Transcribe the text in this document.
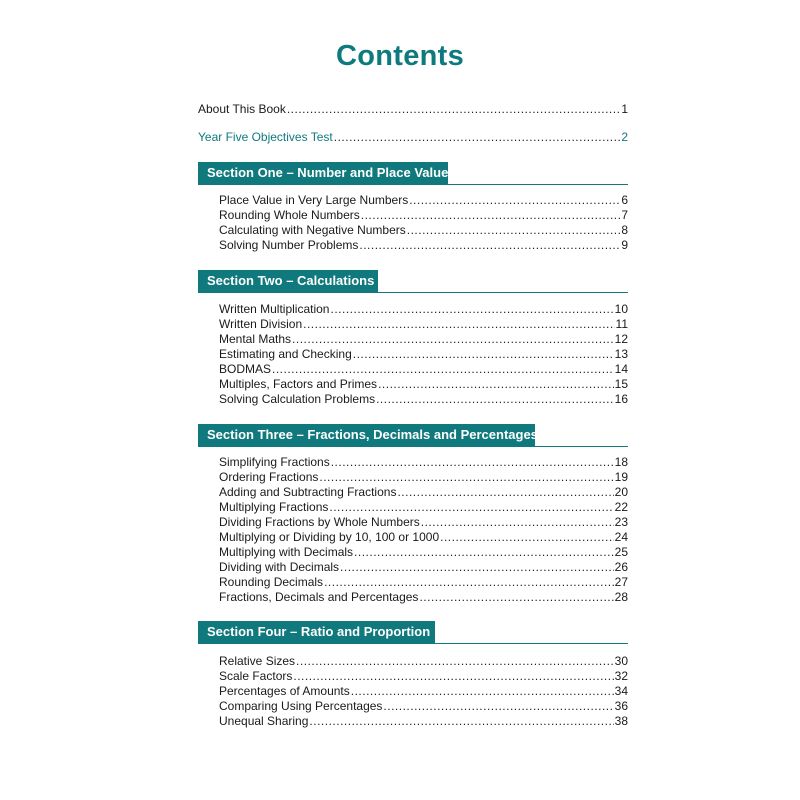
Contents
About This Book .....	1
Year Five Objectives Test .....	2
Section One – Number and Place Value
Place Value in Very Large Numbers .....	6
Rounding Whole Numbers .....	7
Calculating with Negative Numbers .....	8
Solving Number Problems .....	9
Section Two – Calculations
Written Multiplication .....	10
Written Division .....	11
Mental Maths .....	12
Estimating and Checking .....	13
BODMAS .....	14
Multiples, Factors and Primes .....	15
Solving Calculation Problems .....	16
Section Three – Fractions, Decimals and Percentages
Simplifying Fractions .....	18
Ordering Fractions .....	19
Adding and Subtracting Fractions .....	20
Multiplying Fractions .....	22
Dividing Fractions by Whole Numbers .....	23
Multiplying or Dividing by 10, 100 or 1000 .....	24
Multiplying with Decimals .....	25
Dividing with Decimals .....	26
Rounding Decimals .....	27
Fractions, Decimals and Percentages .....	28
Section Four – Ratio and Proportion
Relative Sizes .....	30
Scale Factors .....	32
Percentages of Amounts .....	34
Comparing Using Percentages .....	36
Unequal Sharing .....	38
